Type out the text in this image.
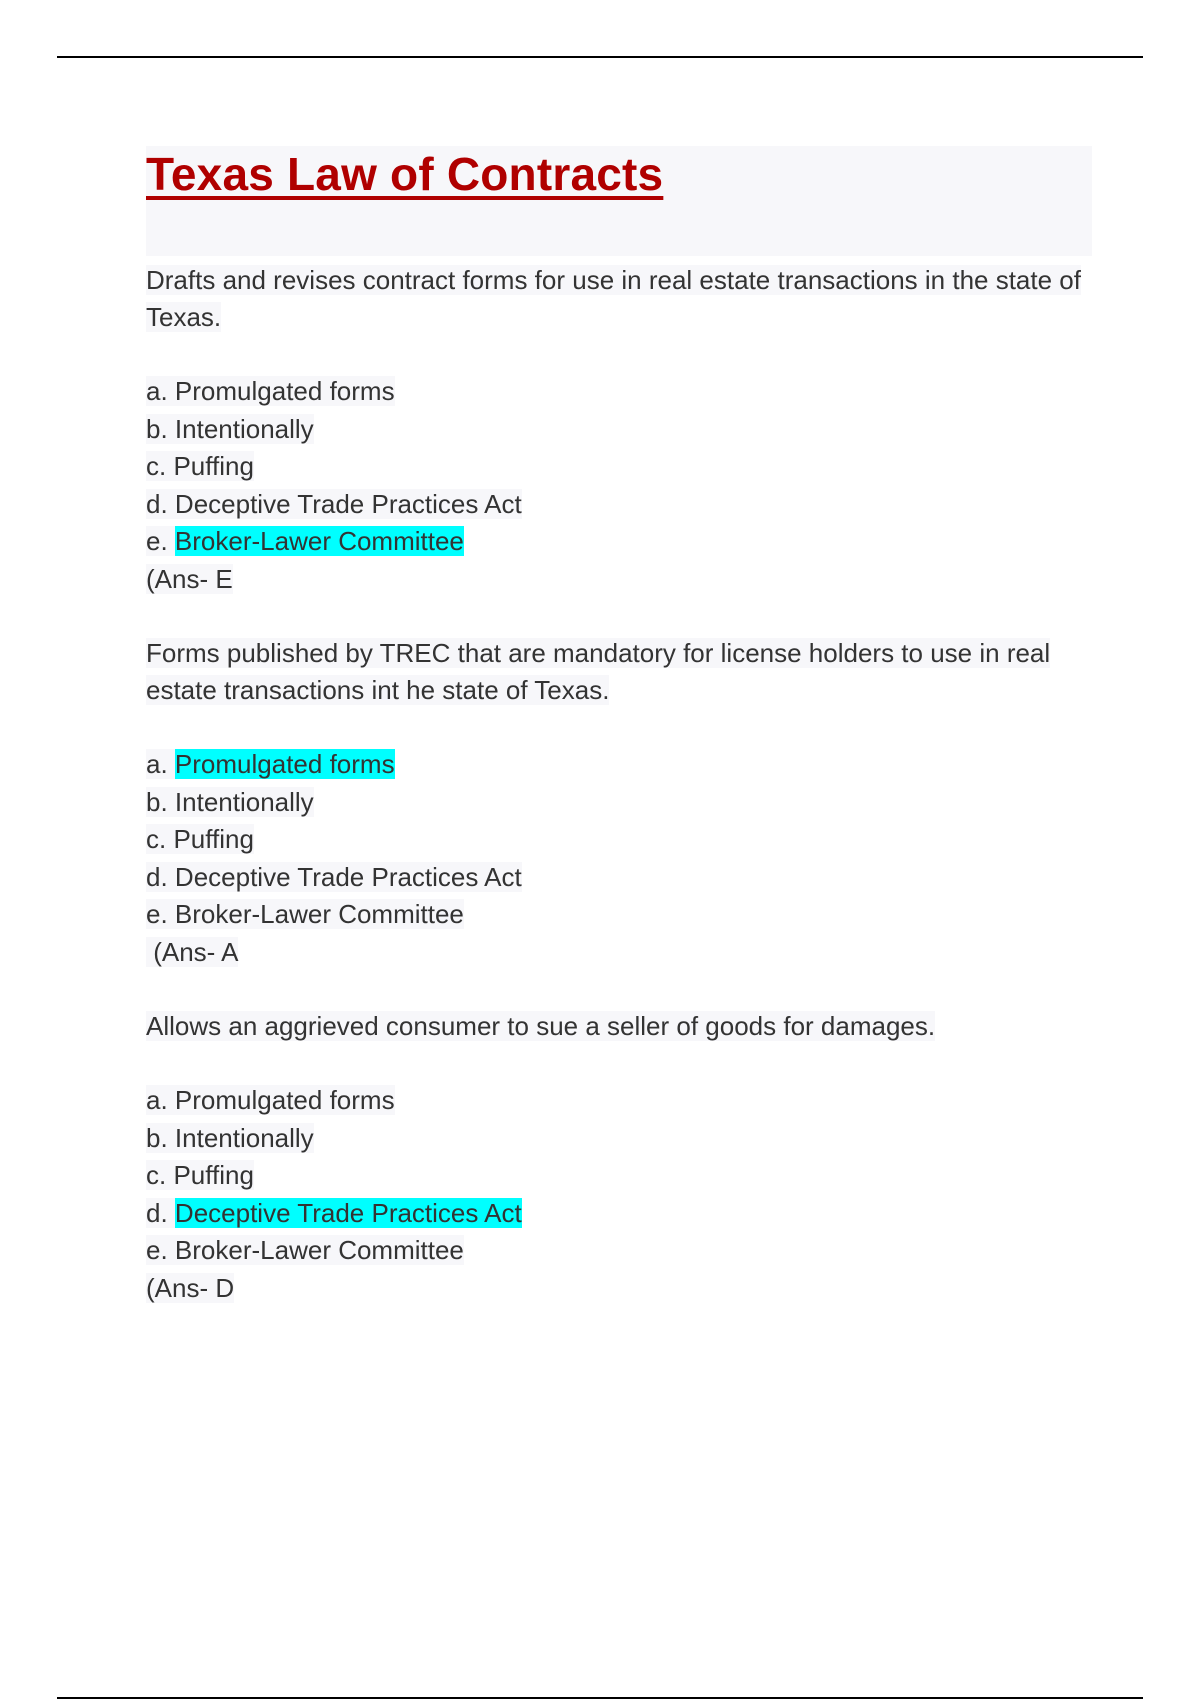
Texas Law of Contracts

Drafts and revises contract forms for use in real estate transactions in the state of Texas.

a. Promulgated forms
b. Intentionally
c. Puffing
d. Deceptive Trade Practices Act
e. Broker-Lawer Committee
(Ans- E

Forms published by TREC that are mandatory for license holders to use in real estate transactions int he state of Texas.

a. Promulgated forms
b. Intentionally
c. Puffing
d. Deceptive Trade Practices Act
e. Broker-Lawer Committee
(Ans- A

Allows an aggrieved consumer to sue a seller of goods for damages.

a. Promulgated forms
b. Intentionally
c. Puffing
d. Deceptive Trade Practices Act
e. Broker-Lawer Committee
(Ans- D
